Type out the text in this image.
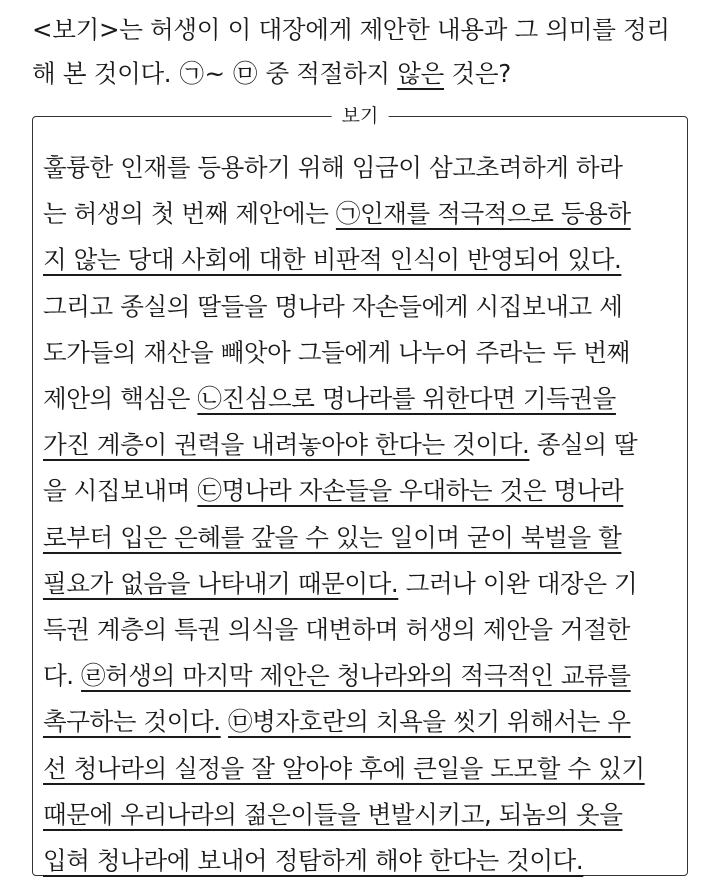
<보기>는 허생이 이 대장에게 제안한 내용과 그 의미를 정리
해 본 것이다. ㉠~ ㉤ 중 적절하지 않은 것은?
보기
훌륭한 인재를 등용하기 위해 임금이 삼고초려하게 하라
는 허생의 첫 번째 제안에는 ㉠인재를 적극적으로 등용하
지 않는 당대 사회에 대한 비판적 인식이 반영되어 있다.
그리고 종실의 딸들을 명나라 자손들에게 시집보내고 세
도가들의 재산을 빼앗아 그들에게 나누어 주라는 두 번째
제안의 핵심은 ㉡진심으로 명나라를 위한다면 기득권을
가진 계층이 권력을 내려놓아야 한다는 것이다. 종실의 딸
을 시집보내며 ㉢명나라 자손들을 우대하는 것은 명나라
로부터 입은 은혜를 갚을 수 있는 일이며 굳이 북벌을 할
필요가 없음을 나타내기 때문이다. 그러나 이완 대장은 기
득권 계층의 특권 의식을 대변하며 허생의 제안을 거절한
다. ㉣허생의 마지막 제안은 청나라와의 적극적인 교류를
촉구하는 것이다. ㉤병자호란의 치욕을 씻기 위해서는 우
선 청나라의 실정을 잘 알아야 후에 큰일을 도모할 수 있기
때문에 우리나라의 젊은이들을 변발시키고, 되놈의 옷을
입혀 청나라에 보내어 정탐하게 해야 한다는 것이다.
